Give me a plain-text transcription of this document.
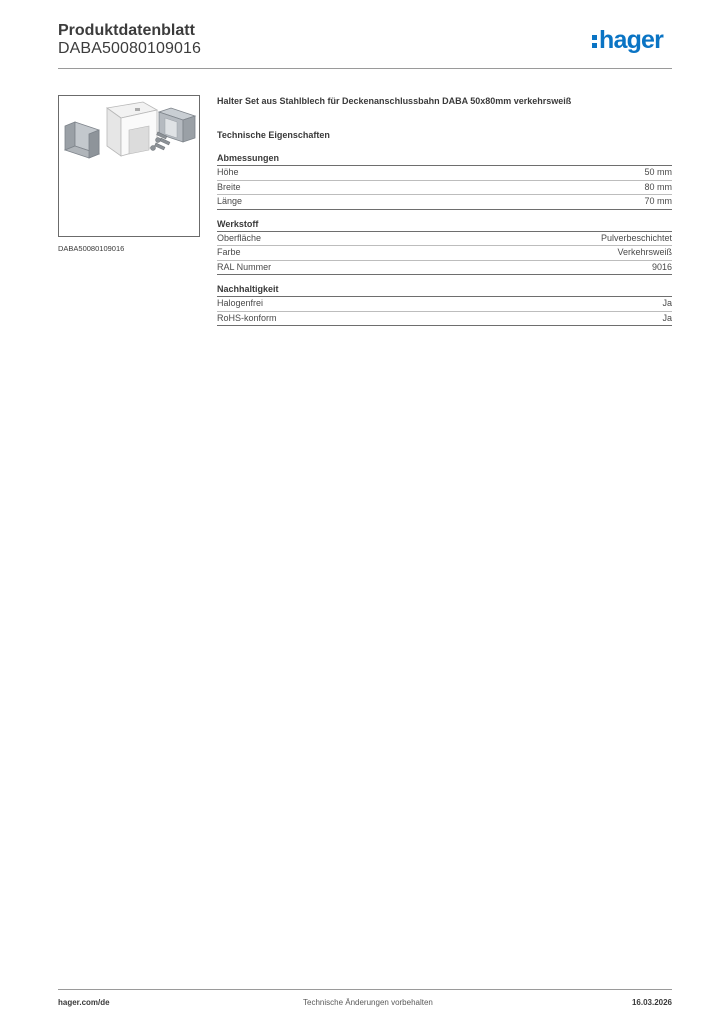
Produktdatenblatt
DABA50080109016	hager
DABA50080109016
Halter Set aus Stahlblech für Deckenanschlussbahn DABA 50x80mm verkehrsweiß
Technische Eigenschaften
Abmessungen
Höhe	50 mm
Breite	80 mm
Länge	70 mm
Werkstoff
Oberfläche	Pulverbeschichtet
Farbe	Verkehrsweiß
RAL Nummer	9016
Nachhaltigkeit
Halogenfrei	Ja
RoHS-konform	Ja
hager.com/de	Technische Änderungen vorbehalten	16.03.2026
